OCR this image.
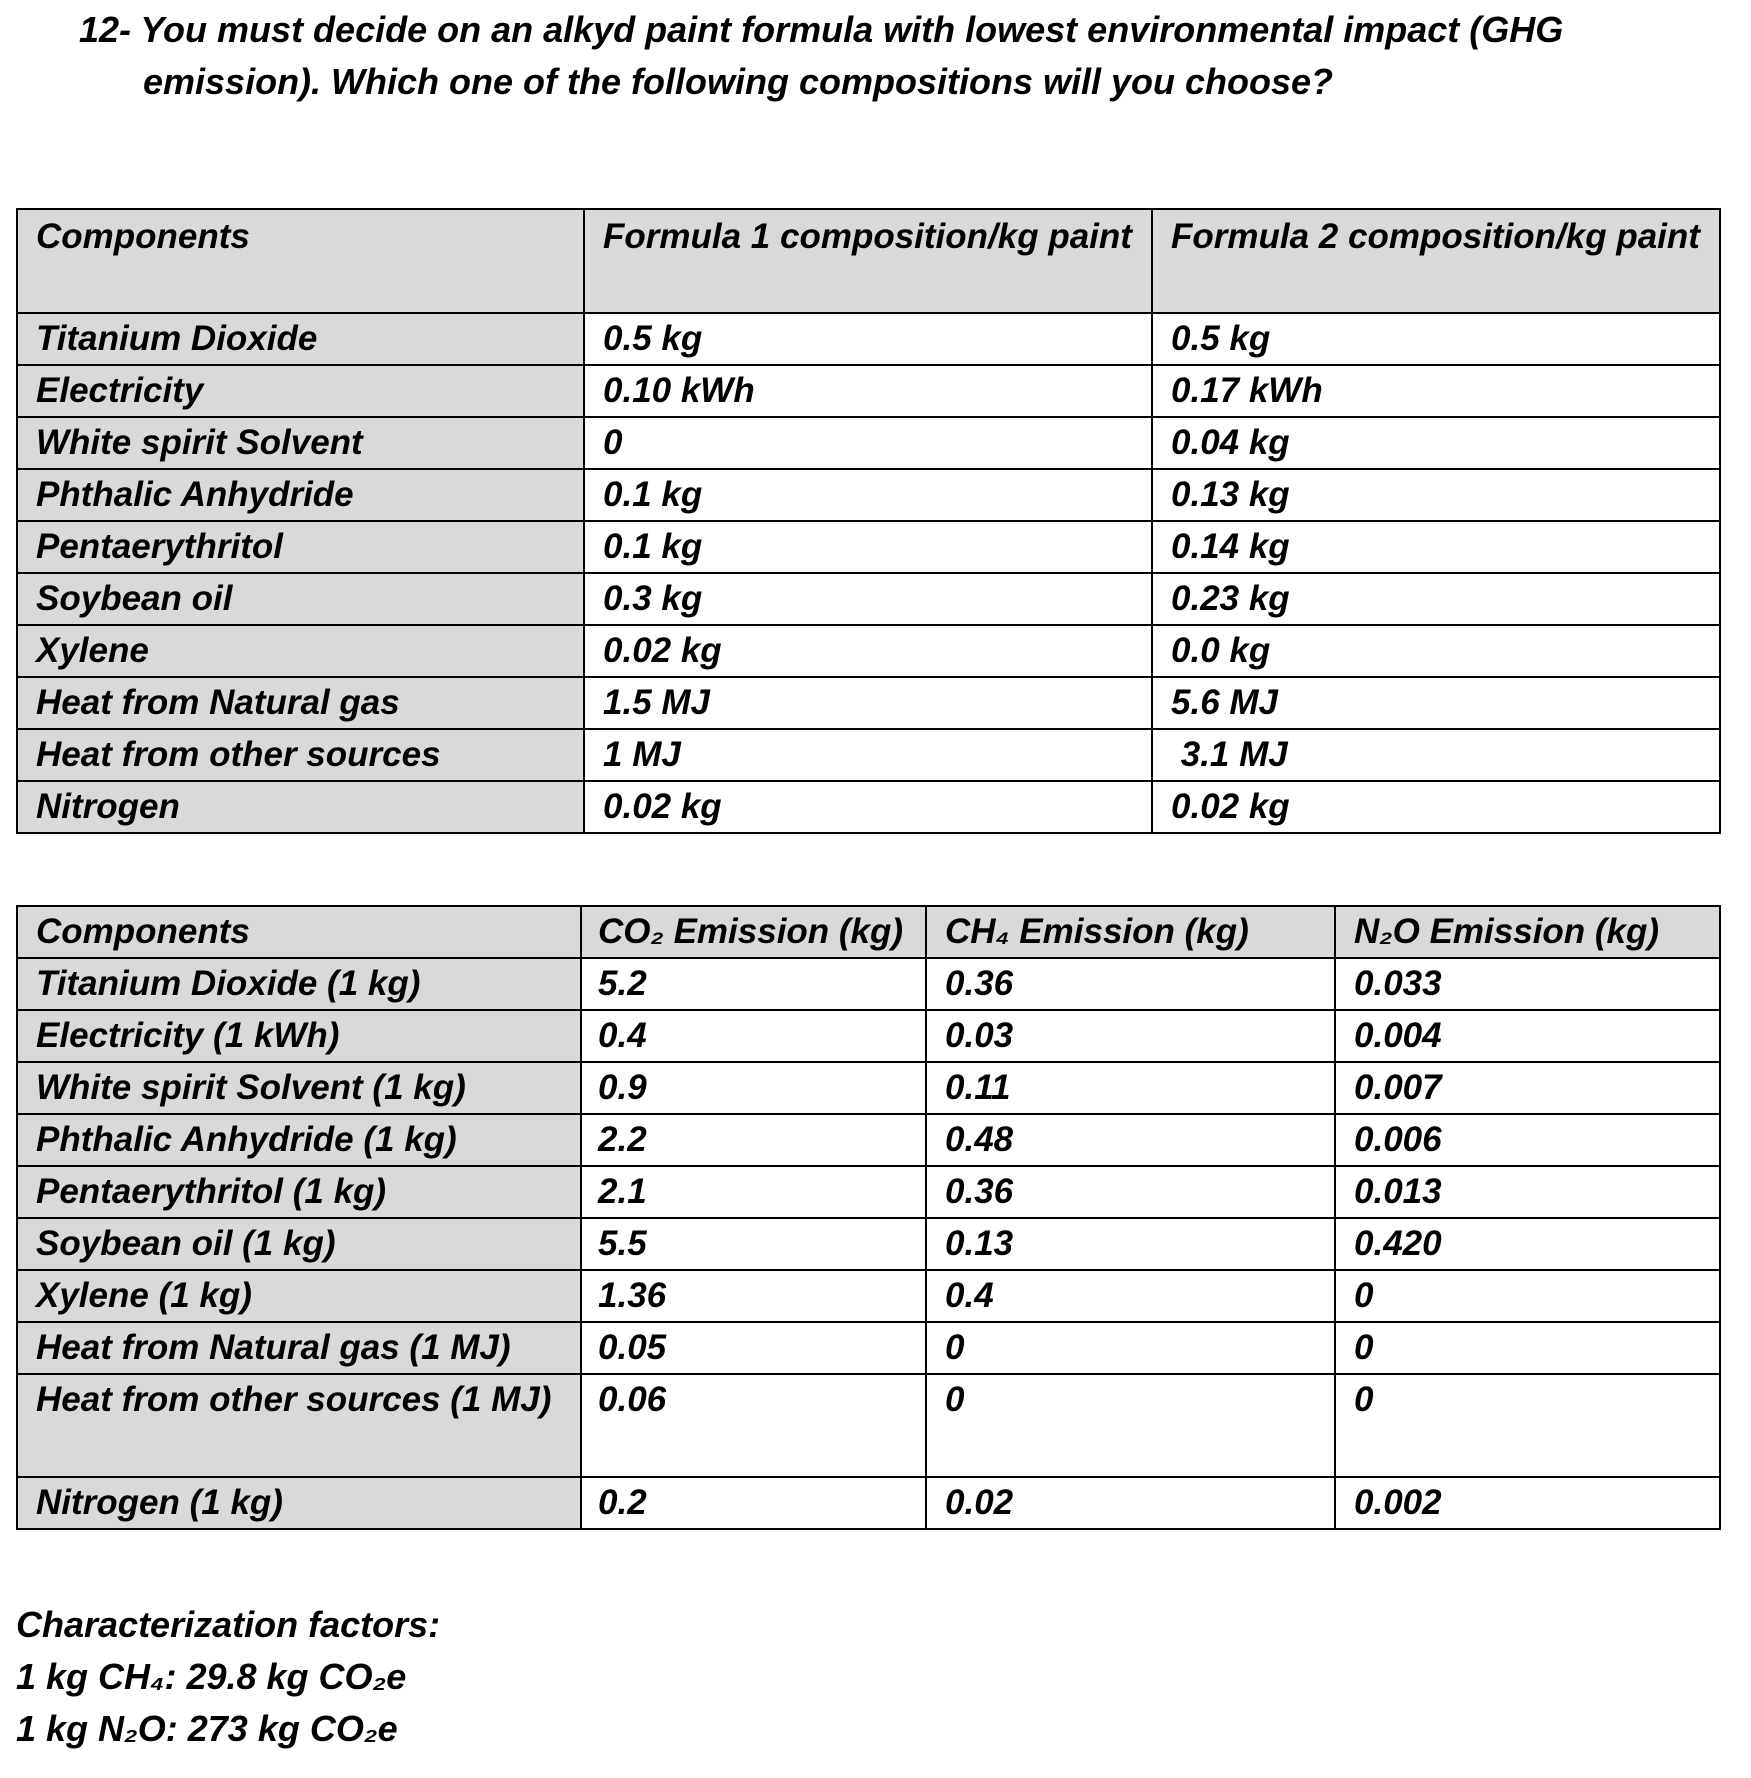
12- You must decide on an alkyd paint formula with lowest environmental impact (GHG
emission). Which one of the following compositions will you choose?

Components	Formula 1 composition/kg paint	Formula 2 composition/kg paint
Titanium Dioxide	0.5 kg	0.5 kg
Electricity	0.10 kWh	0.17 kWh
White spirit Solvent	0	0.04 kg
Phthalic Anhydride	0.1 kg	0.13 kg
Pentaerythritol	0.1 kg	0.14 kg
Soybean oil	0.3 kg	0.23 kg
Xylene	0.02 kg	0.0 kg
Heat from Natural gas	1.5 MJ	5.6 MJ
Heat from other sources	1 MJ	3.1 MJ
Nitrogen	0.02 kg	0.02 kg
Components	CO₂ Emission (kg)	CH₄ Emission (kg)	N₂O Emission (kg)
Titanium Dioxide (1 kg)	5.2	0.36	0.033
Electricity (1 kWh)	0.4	0.03	0.004
White spirit Solvent (1 kg)	0.9	0.11	0.007
Phthalic Anhydride (1 kg)	2.2	0.48	0.006
Pentaerythritol (1 kg)	2.1	0.36	0.013
Soybean oil (1 kg)	5.5	0.13	0.420
Xylene (1 kg)	1.36	0.4	0
Heat from Natural gas (1 MJ)	0.05	0	0
Heat from other sources (1 MJ)	0.06	0	0
Nitrogen (1 kg)	0.2	0.02	0.002
Characterization factors:
1 kg CH₄: 29.8 kg CO₂e
1 kg N₂O: 273 kg CO₂e
